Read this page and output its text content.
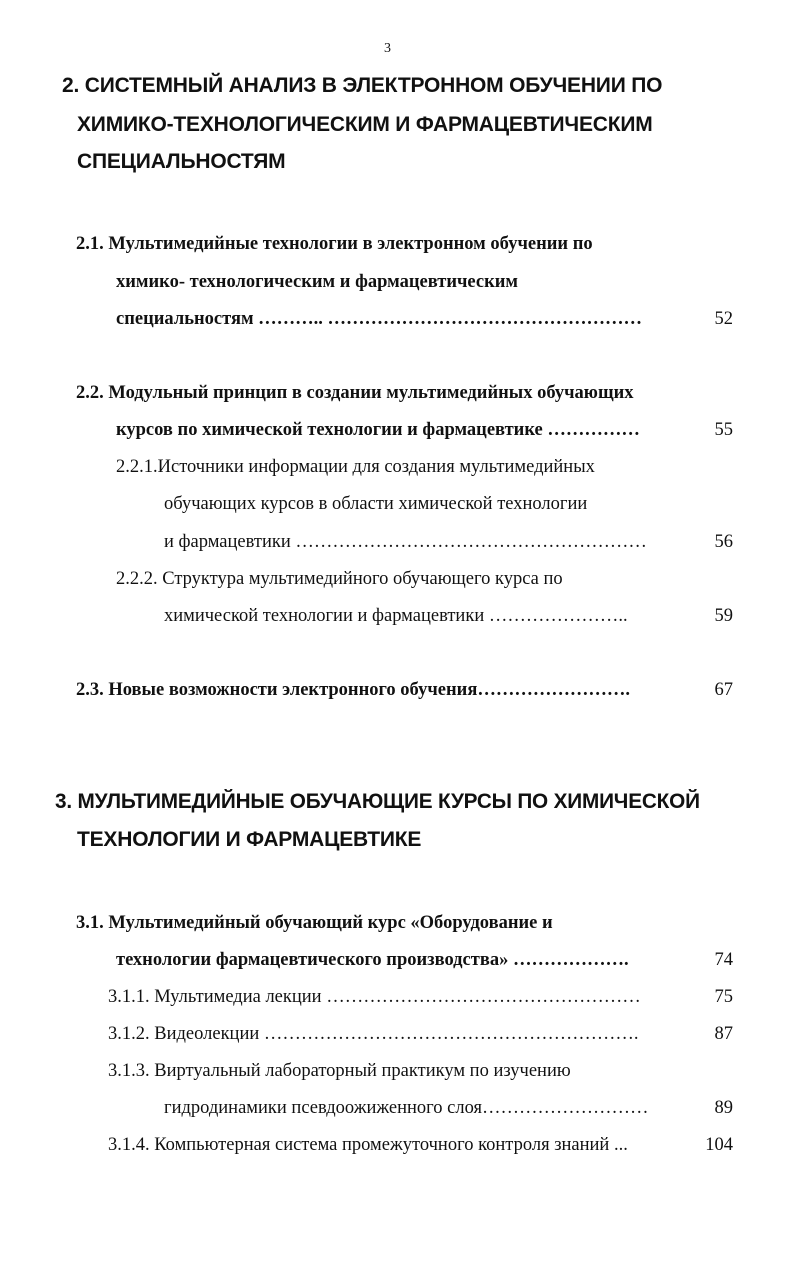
3
2. СИСТЕМНЫЙ АНАЛИЗ В ЭЛЕКТРОННОМ ОБУЧЕНИИ ПО
ХИМИКО-ТЕХНОЛОГИЧЕСКИМ И ФАРМАЦЕВТИЧЕСКИМ
СПЕЦИАЛЬНОСТЯМ
2.1. Мультимедийные технологии в электронном обучении по
химико- технологическим и фармацевтическим
специальностям ……….. ……………………………………………	52
2.2. Модульный принцип в создании мультимедийных обучающих
курсов по химической технологии и фармацевтике ……………	55
2.2.1.Источники информации для создания мультимедийных
обучающих курсов в области химической технологии
и фармацевтики …………………………………………………	56
2.2.2. Структура мультимедийного обучающего курса по
химической технологии и фармацевтики …………………..	59
2.3. Новые возможности электронного обучения…………………….	67
3. МУЛЬТИМЕДИЙНЫЕ ОБУЧАЮЩИЕ КУРСЫ ПО ХИМИЧЕСКОЙ
ТЕХНОЛОГИИ И ФАРМАЦЕВТИКЕ
3.1. Мультимедийный обучающий курс «Оборудование и
технологии фармацевтического производства» ……………….	74
3.1.1. Мультимедиа лекции ……………………………………………	75
3.1.2. Видеолекции …………………………………………………….	87
3.1.3. Виртуальный лабораторный практикум по изучению
гидродинамики псевдоожиженного слоя………………………	89
3.1.4. Компьютерная система промежуточного контроля знаний ...	104
